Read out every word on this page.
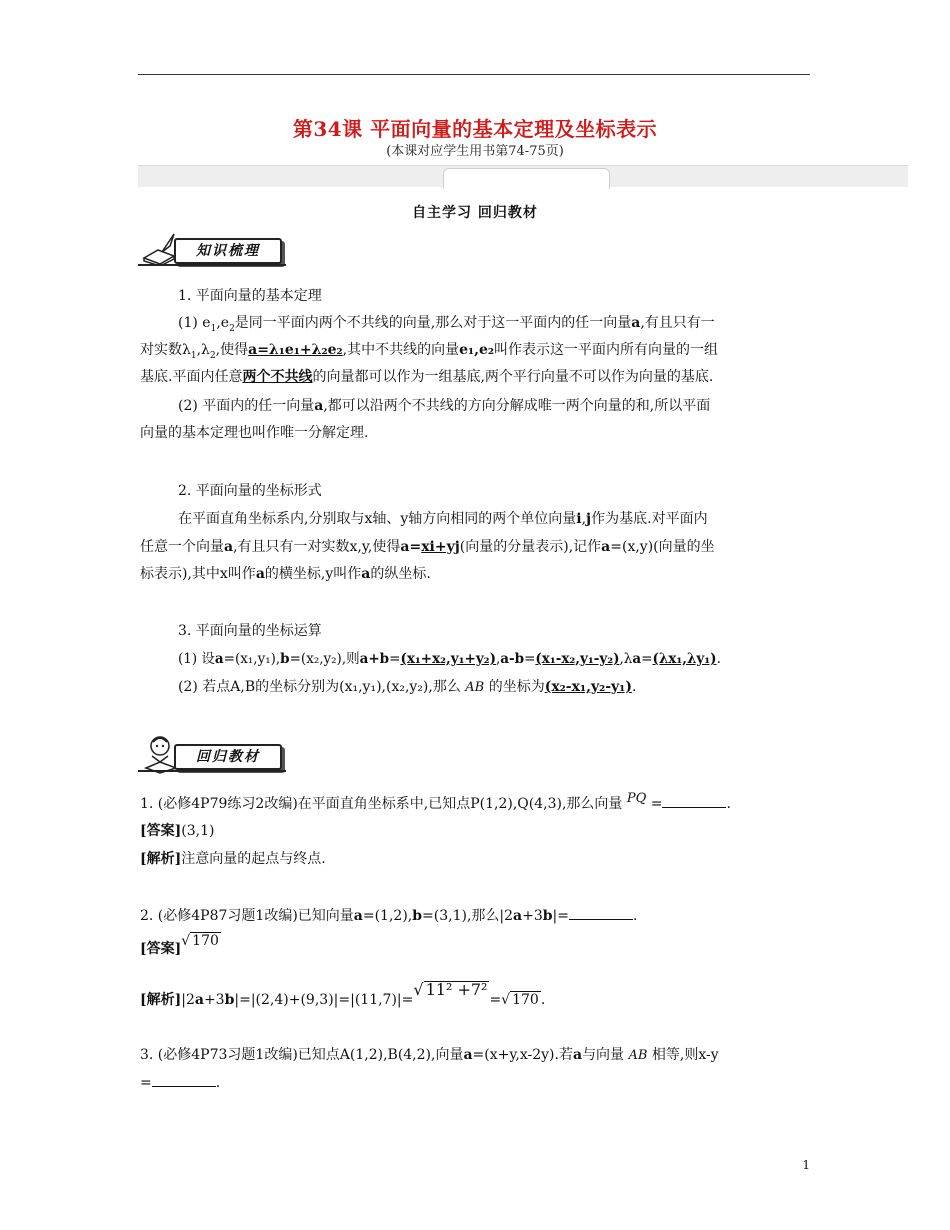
第34课 平面向量的基本定理及坐标表示
(本课对应学生用书第74-75页)
自主学习 回归教材
知识梳理
1. 平面向量的基本定理
(1) $e_1,e_2$是同一平面内两个不共线的向量,那么对于这一平面内的任一向量a,有且只有一
对实数$\lambda_1,\lambda_2$,使得a=λ₁e₁+λ₂e₂,其中不共线的向量e₁,e₂叫作表示这一平面内所有向量的一组
基底.平面内任意两个不共线的向量都可以作为一组基底,两个平行向量不可以作为向量的基底.
(2) 平面内的任一向量a,都可以沿两个不共线的方向分解成唯一两个向量的和,所以平面
向量的基本定理也叫作唯一分解定理.
2. 平面向量的坐标形式
在平面直角坐标系内,分别取与x轴、y轴方向相同的两个单位向量i,j作为基底.对平面内
任意一个向量a,有且只有一对实数x,y,使得a=xi+yj(向量的分量表示),记作a=(x,y)(向量的坐
标表示),其中x叫作a的横坐标,y叫作a的纵坐标.
3. 平面向量的坐标运算
(1) 设a=(x₁,y₁),b=(x₂,y₂),则a+b=(x₁+x₂,y₁+y₂),a-b=(x₁-x₂,y₁-y₂),λa=(λx₁,λy₁).
(2) 若点A,B的坐标分别为(x₁,y₁),(x₂,y₂),那么 AB 的坐标为(x₂-x₁,y₂-y₁).
回归教材
1. (必修4P79练习2改编)在平面直角坐标系中,已知点P(1,2),Q(4,3),那么向量 PQ =	.
[答案](3,1)
[解析]注意向量的起点与终点.
2. (必修4P87习题1改编)已知向量a=(1,2),b=(3,1),那么|2a+3b|=	.
[答案]√ 170
[解析]|2a+3b|=|(2,4)+(9,3)|=|(11,7)|=√ 11² +7²=√ 170 .
3. (必修4P73习题1改编)已知点A(1,2),B(4,2),向量a=(x+y,x-2y).若a与向量 AB 相等,则x-y
=	.
1
